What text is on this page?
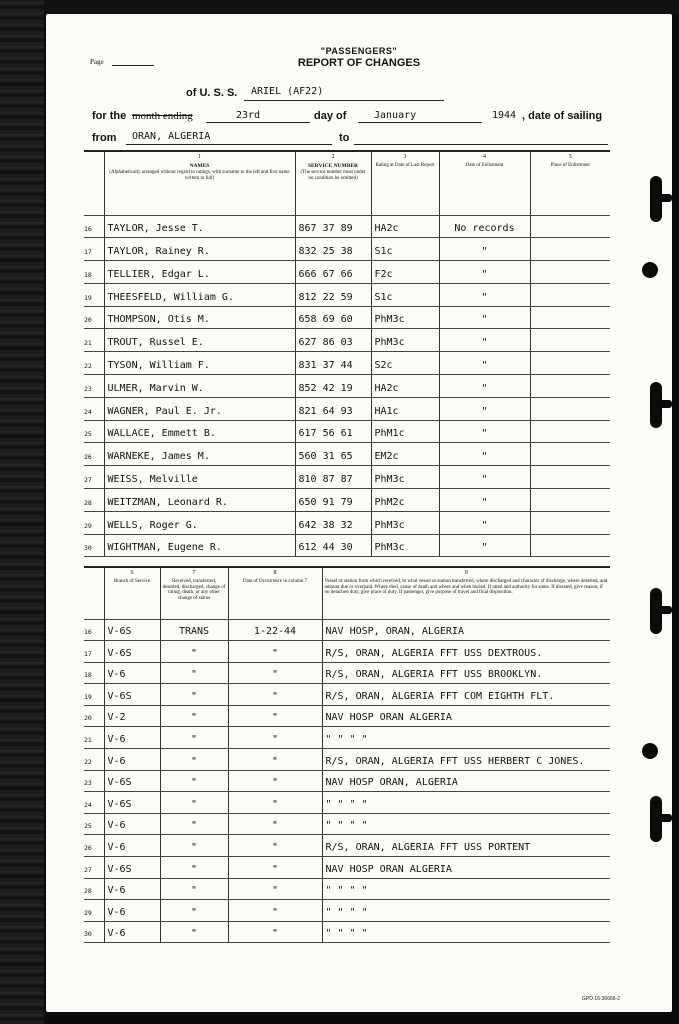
Page
"PASSENGERS"
REPORT OF CHANGES
of U. S. S. ARIEL (AF22)
for the month ending	23rd	day of	January	1944 , date of sailing
from ORAN, ALGERIA	to

	1
NAMES
(Alphabetically arranged without regard to ratings, with surname to the left and first name written in full)	2
SERVICE NUMBER
(The service number must under no condition be omitted)	3
Rating at Date of Last Report	4
Date of Enlistment	5
Place of Enlistment

16	TAYLOR, Jesse T.	867 37 89	HA2c	No records	
17	TAYLOR, Rainey R.	832 25 38	S1c	"	
18	TELLIER, Edgar L.	666 67 66	F2c	"	
19	THEESFELD, William G.	812 22 59	S1c	"	
20	THOMPSON, Otis M.	658 69 60	PhM3c	"	
21	TROUT, Russel E.	627 86 03	PhM3c	"	
22	TYSON, William F.	831 37 44	S2c	"	
23	ULMER, Marvin W.	852 42 19	HA2c	"	
24	WAGNER, Paul E. Jr.	821 64 93	HA1c	"	
25	WALLACE, Emmett B.	617 56 61	PhM1c	"	
26	WARNEKE, James M.	560 31 65	EM2c	"	
27	WEISS, Melville	810 87 87	PhM3c	"	
28	WEITZMAN, Leonard R.	650 91 79	PhM2c	"	
29	WELLS, Roger G.	642 38 32	PhM3c	"	
30	WIGHTMAN, Eugene R.	612 44 30	PhM3c	"	

	6
Branch of Service	7
Received, transferred, deserted, discharged, change of rating, death, or any other change of status	8
Date of Occurrence in column 7	9
Vessel or station from which received, to what vessel or station transferred, where discharged and character of discharge, where deserted, and amount due or overpaid. Where died, cause of death and where and when buried. If rated and authority for same. If disrated, give reason; if on detached duty, give place of duty. If passenger, give purpose of travel and final disposition.

16	V-6S	TRANS	1-22-44	NAV HOSP, ORAN, ALGERIA
17	V-6S	"	"	R/S, ORAN, ALGERIA FFT USS DEXTROUS.
18	V-6	"	"	R/S, ORAN, ALGERIA FFT USS BROOKLYN.
19	V-6S	"	"	R/S, ORAN, ALGERIA FFT COM EIGHTH FLT.
20	V-2	"	"	NAV HOSP ORAN ALGERIA
21	V-6	"	"	" " " "
22	V-6	"	"	R/S, ORAN, ALGERIA FFT USS HERBERT C JONES.
23	V-6S	"	"	NAV HOSP ORAN, ALGERIA
24	V-6S	"	"	" " " "
25	V-6	"	"	" " " "
26	V-6	"	"	R/S, ORAN, ALGERIA FFT USS PORTENT
27	V-6S	"	"	NAV HOSP ORAN ALGERIA
28	V-6	"	"	" " " "
29	V-6	"	"	" " " "
30	V-6	"	"	" " " "
GPO 16-36666-2
